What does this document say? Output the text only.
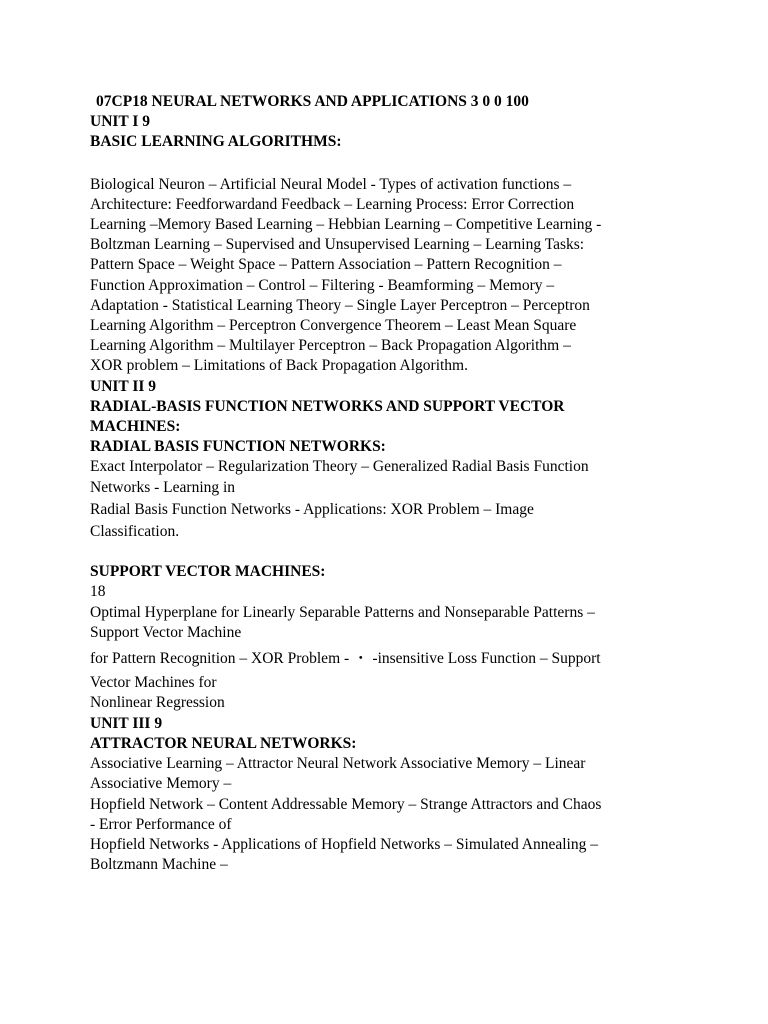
07CP18 NEURAL NETWORKS AND APPLICATIONS 3 0 0 100
UNIT I 9
BASIC LEARNING ALGORITHMS:
Biological Neuron – Artificial Neural Model - Types of activation functions –
Architecture: Feedforwardand Feedback – Learning Process: Error Correction
Learning –Memory Based Learning – Hebbian Learning – Competitive Learning -
Boltzman Learning – Supervised and Unsupervised Learning – Learning Tasks:
Pattern Space – Weight Space – Pattern Association – Pattern Recognition –
Function Approximation – Control – Filtering - Beamforming – Memory –
Adaptation - Statistical Learning Theory – Single Layer Perceptron – Perceptron
Learning Algorithm – Perceptron Convergence Theorem – Least Mean Square
Learning Algorithm – Multilayer Perceptron – Back Propagation Algorithm –
XOR problem – Limitations of Back Propagation Algorithm.
UNIT II 9
RADIAL-BASIS FUNCTION NETWORKS AND SUPPORT VECTOR
MACHINES:
RADIAL BASIS FUNCTION NETWORKS:
Exact Interpolator – Regularization Theory – Generalized Radial Basis Function
Networks - Learning in
Radial Basis Function Networks - Applications: XOR Problem – Image
Classification.
SUPPORT VECTOR MACHINES:
18
Optimal Hyperplane for Linearly Separable Patterns and Nonseparable Patterns –
Support Vector Machine
for Pattern Recognition – XOR Problem - ・ -insensitive Loss Function – Support
Vector Machines for
Nonlinear Regression
UNIT III 9
ATTRACTOR NEURAL NETWORKS:
Associative Learning – Attractor Neural Network Associative Memory – Linear
Associative Memory –
Hopfield Network – Content Addressable Memory – Strange Attractors and Chaos
- Error Performance of
Hopfield Networks - Applications of Hopfield Networks – Simulated Annealing –
Boltzmann Machine –
